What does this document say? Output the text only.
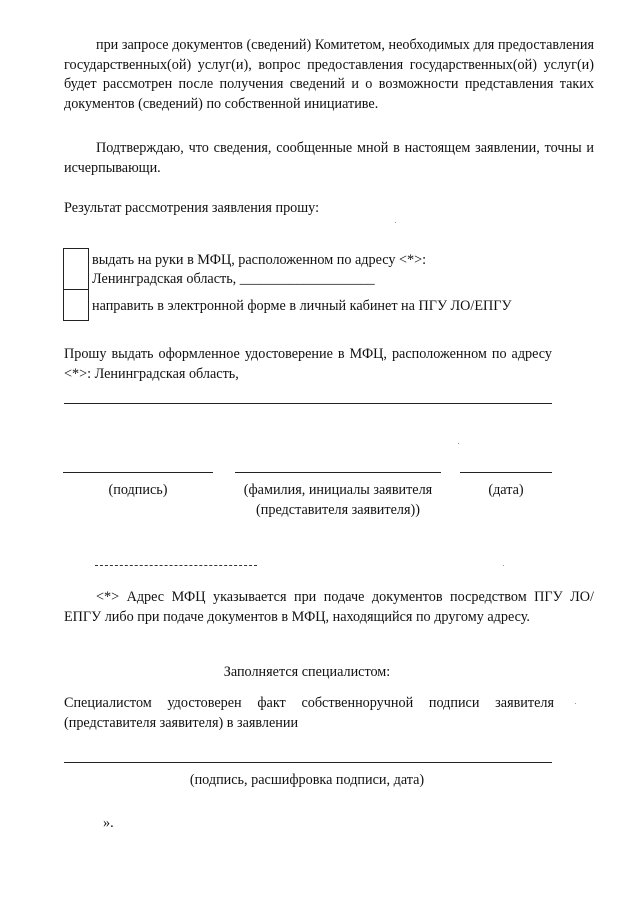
при запросе документов (сведений) Комитетом, необходимых для предоставления государственных(ой) услуг(и), вопрос предоставления государственных(ой) услуг(и) будет рассмотрен после получения сведений и о возможности представления таких документов (сведений) по собственной инициативе.
Подтверждаю, что сведения, сообщенные мной в настоящем заявлении, точны и исчерпывающи.
Результат рассмотрения заявления прошу:
выдать на руки в МФЦ, расположенном по адресу <*>:
Ленинградская область, ___________________
направить в электронной форме в личный кабинет на ПГУ ЛО/ЕПГУ
Прошу выдать оформленное удостоверение в МФЦ, расположенном по адресу <*>: Ленинградская область,
(подпись)	(фамилия, инициалы заявителя (представителя заявителя))
(дата)
<*> Адрес МФЦ указывается при подаче документов посредством ПГУ ЛО/ЕПГУ либо при подаче документов в МФЦ, находящийся по другому адресу.
Заполняется специалистом:
Специалистом удостоверен факт собственноручной подписи заявителя (представителя заявителя) в заявлении
(подпись, расшифровка подписи, дата)
».
